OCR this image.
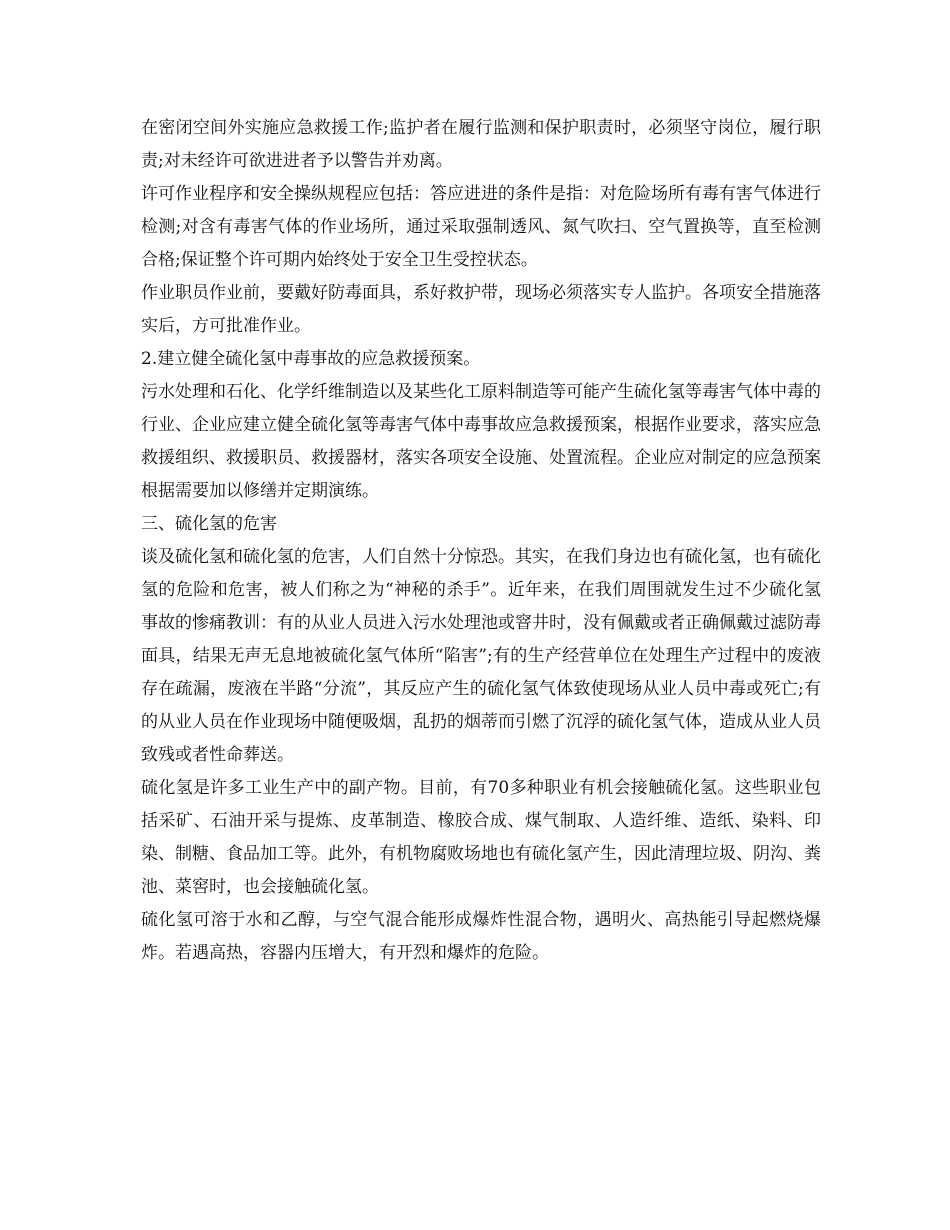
在密闭空间外实施应急救援工作;监护者在履行监测和保护职责时，必须坚守岗位，履行职责;对未经许可欲进进者予以警告并劝离。

许可作业程序和安全操纵规程应包括：答应进进的条件是指：对危险场所有毒有害气体进行检测;对含有毒害气体的作业场所，通过采取强制透风、氮气吹扫、空气置换等，直至检测合格;保证整个许可期内始终处于安全卫生受控状态。

作业职员作业前，要戴好防毒面具，系好救护带，现场必须落实专人监护。各项安全措施落实后，方可批准作业。

2.建立健全硫化氢中毒事故的应急救援预案。

污水处理和石化、化学纤维制造以及某些化工原料制造等可能产生硫化氢等毒害气体中毒的行业、企业应建立健全硫化氢等毒害气体中毒事故应急救援预案，根据作业要求，落实应急救援组织、救援职员、救援器材，落实各项安全设施、处置流程。企业应对制定的应急预案根据需要加以修缮并定期演练。

三、硫化氢的危害

谈及硫化氢和硫化氢的危害，人们自然十分惊恐。其实，在我们身边也有硫化氢，也有硫化氢的危险和危害，被人们称之为“神秘的杀手”。近年来，在我们周围就发生过不少硫化氢事故的惨痛教训：有的从业人员进入污水处理池或窨井时，没有佩戴或者正确佩戴过滤防毒面具，结果无声无息地被硫化氢气体所“陷害”;有的生产经营单位在处理生产过程中的废液存在疏漏，废液在半路“分流”，其反应产生的硫化氢气体致使现场从业人员中毒或死亡;有的从业人员在作业现场中随便吸烟，乱扔的烟蒂而引燃了沉浮的硫化氢气体，造成从业人员致残或者性命葬送。

硫化氢是许多工业生产中的副产物。目前，有70多种职业有机会接触硫化氢。这些职业包括采矿、石油开采与提炼、皮革制造、橡胶合成、煤气制取、人造纤维、造纸、染料、印染、制糖、食品加工等。此外，有机物腐败场地也有硫化氢产生，因此清理垃圾、阴沟、粪池、菜窖时，也会接触硫化氢。

硫化氢可溶于水和乙醇，与空气混合能形成爆炸性混合物，遇明火、高热能引导起燃烧爆炸。若遇高热，容器内压增大，有开烈和爆炸的危险。
